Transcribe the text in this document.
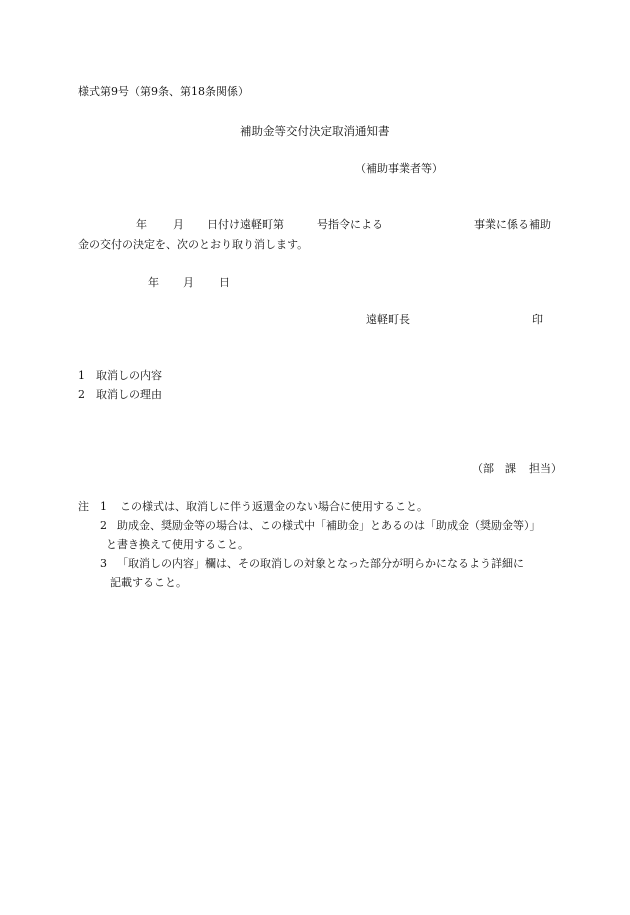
様式第9号（第9条、第18条関係）
補助金等交付決定取消通知書
（補助事業者等）
年 月 日付け遠軽町第	号指令による	事業に係る補助
金の交付の決定を、次のとおり取り消します。
年 月 日
遠軽町長	印
1 取消しの内容
2 取消しの理由
（部 課 担当）
注 1 この様式は、取消しに伴う返還金のない場合に使用すること。
2 助成金、奨励金等の場合は、この様式中「補助金」とあるのは「助成金（奨励金等）」
と書き換えて使用すること。
3 「取消しの内容」欄は、その取消しの対象となった部分が明らかになるよう詳細に
記載すること。
